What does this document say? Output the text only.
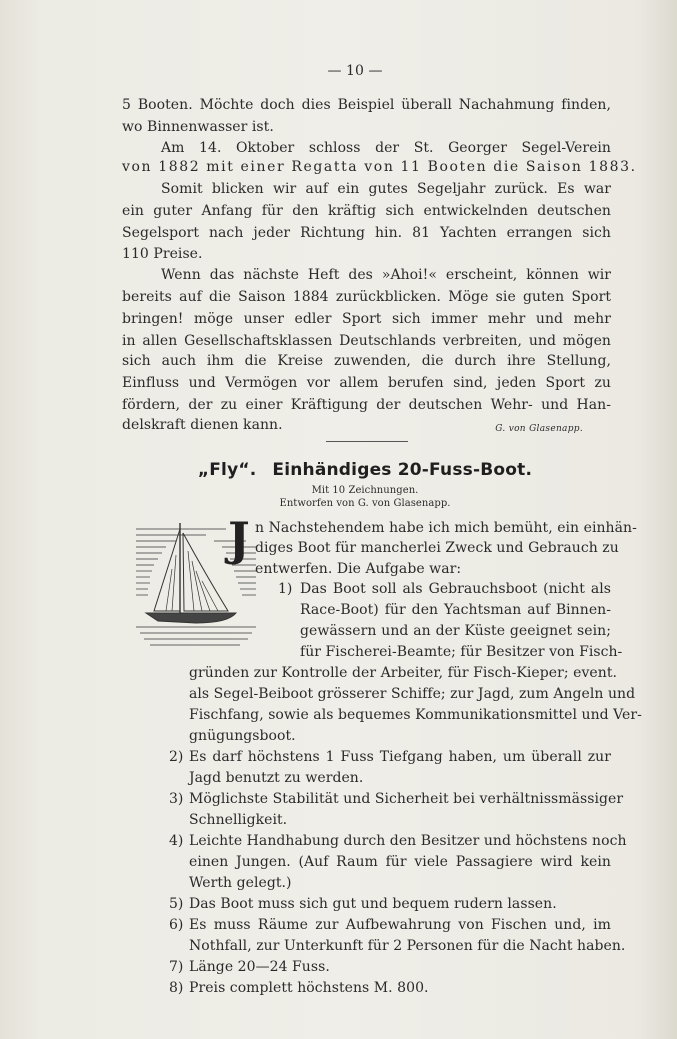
— 10 —
5 Booten. Möchte doch dies Beispiel überall Nachahmung finden,
wo Binnenwasser ist.
Am 14. Oktober schloss der St. Georger Segel-Verein
von 1882 mit einer Regatta von 11 Booten die Saison 1883.
Somit blicken wir auf ein gutes Segeljahr zurück. Es war
ein guter Anfang für den kräftig sich entwickelnden deutschen
Segelsport nach jeder Richtung hin. 81 Yachten errangen sich
110 Preise.
Wenn das nächste Heft des »Ahoi!« erscheint, können wir
bereits auf die Saison 1884 zurückblicken. Möge sie guten Sport
bringen! möge unser edler Sport sich immer mehr und mehr
in allen Gesellschaftsklassen Deutschlands verbreiten, und mögen
sich auch ihm die Kreise zuwenden, die durch ihre Stellung,
Einfluss und Vermögen vor allem berufen sind, jeden Sport zu
fördern, der zu einer Kräftigung der deutschen Wehr- und Han-
delskraft dienen kann.	G. von Glasenapp.
„Fly“. Einhändiges 20-Fuss-Boot.
Mit 10 Zeichnungen.
Entworfen von G. von Glasenapp.
J n Nachstehendem habe ich mich bemüht, ein einhän-
diges Boot für mancherlei Zweck und Gebrauch zu
entwerfen. Die Aufgabe war:
1) Das Boot soll als Gebrauchsboot (nicht als
Race-Boot) für den Yachtsman auf Binnen-
gewässern und an der Küste geeignet sein;
für Fischerei-Beamte; für Besitzer von Fisch-
gründen zur Kontrolle der Arbeiter, für Fisch-Kieper; event.
als Segel-Beiboot grösserer Schiffe; zur Jagd, zum Angeln und
Fischfang, sowie als bequemes Kommunikationsmittel und Ver-
gnügungsboot.
2) Es darf höchstens 1 Fuss Tiefgang haben, um überall zur
Jagd benutzt zu werden.
3) Möglichste Stabilität und Sicherheit bei verhältnissmässiger
Schnelligkeit.
4) Leichte Handhabung durch den Besitzer und höchstens noch
einen Jungen. (Auf Raum für viele Passagiere wird kein
Werth gelegt.)
5) Das Boot muss sich gut und bequem rudern lassen.
6) Es muss Räume zur Aufbewahrung von Fischen und, im
Nothfall, zur Unterkunft für 2 Personen für die Nacht haben.
7) Länge 20—24 Fuss.
8) Preis complett höchstens M. 800.
